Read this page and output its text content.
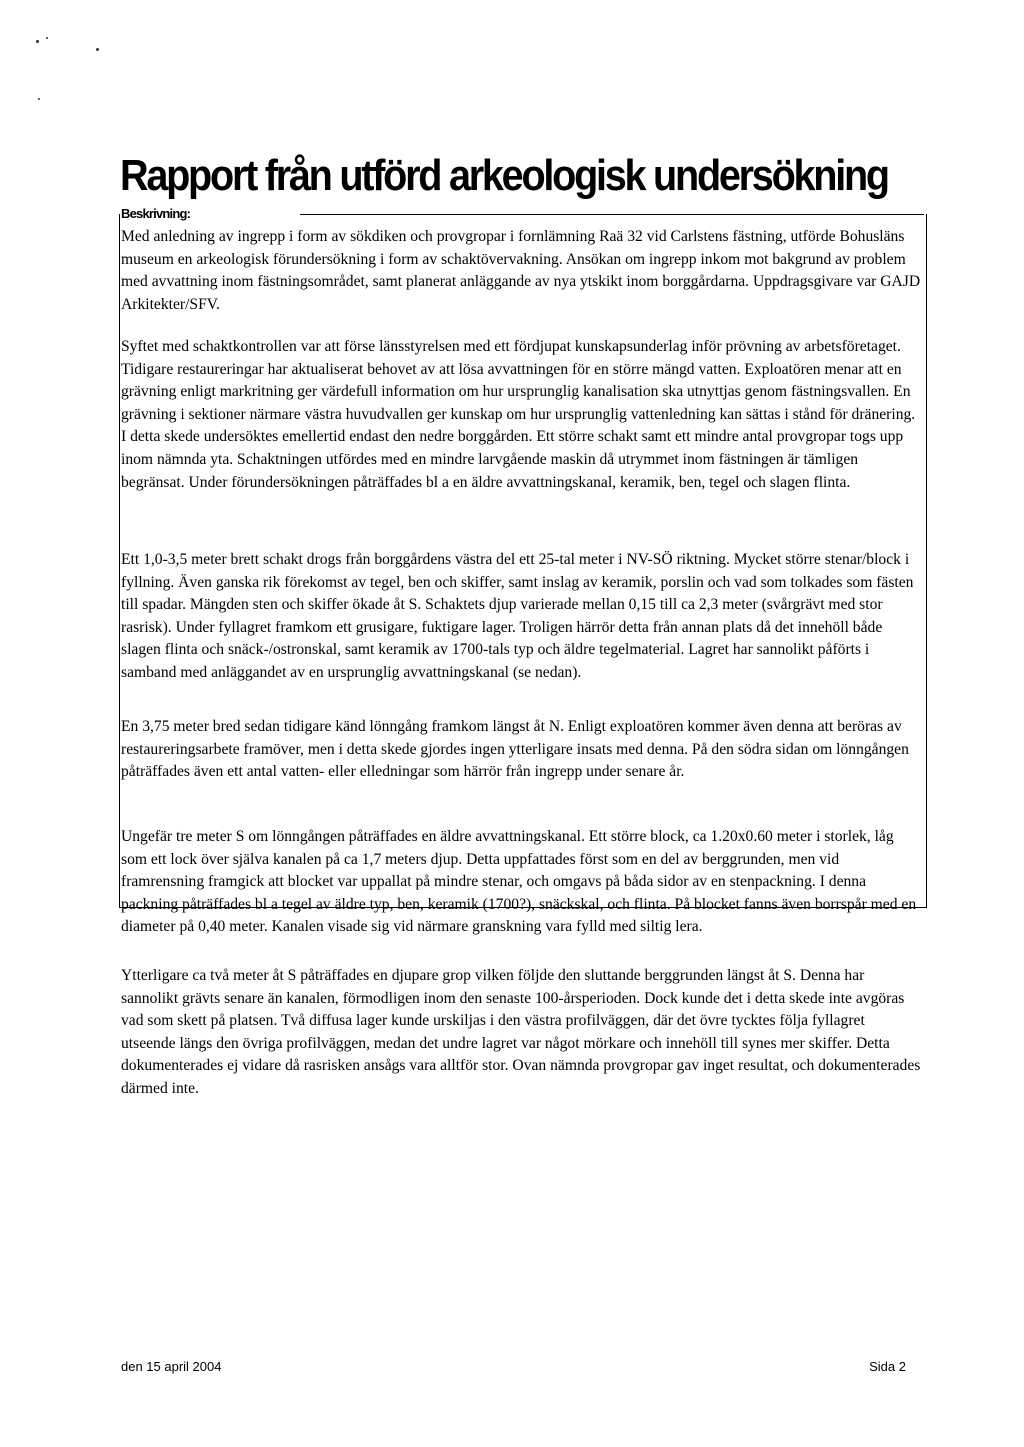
Rapport från utförd arkeologisk undersökning
Beskrivning:

Med anledning av ingrepp i form av sökdiken och provgropar i fornlämning Raä 32 vid Carlstens fästning, utförde Bohusläns museum en arkeologisk förundersökning i form av schaktövervakning. Ansökan om ingrepp inkom mot bakgrund av problem med avvattning inom fästningsområdet, samt planerat anläggande av nya ytskikt inom borggårdarna. Uppdragsgivare var GAJD Arkitekter/SFV.

Syftet med schaktkontrollen var att förse länsstyrelsen med ett fördjupat kunskapsunderlag inför prövning av arbetsföretaget. Tidigare restaureringar har aktualiserat behovet av att lösa avvattningen för en större mängd vatten. Exploatören menar att en grävning enligt markritning ger värdefull information om hur ursprunglig kanalisation ska utnyttjas genom fästningsvallen. En grävning i sektioner närmare västra huvudvallen ger kunskap om hur ursprunglig vattenledning kan sättas i stånd för dränering. I detta skede undersöktes emellertid endast den nedre borggården. Ett större schakt samt ett mindre antal provgropar togs upp inom nämnda yta. Schaktningen utfördes med en mindre larvgående maskin då utrymmet inom fästningen är tämligen begränsat. Under förundersökningen påträffades bl a en äldre avvattningskanal, keramik, ben, tegel och slagen flinta.

Ett 1,0-3,5 meter brett schakt drogs från borggårdens västra del ett 25-tal meter i NV-SÖ riktning. Mycket större stenar/block i fyllning. Även ganska rik förekomst av tegel, ben och skiffer, samt inslag av keramik, porslin och vad som tolkades som fästen till spadar. Mängden sten och skiffer ökade åt S. Schaktets djup varierade mellan 0,15 till ca 2,3 meter (svårgrävt med stor rasrisk). Under fyllagret framkom ett grusigare, fuktigare lager. Troligen härrör detta från annan plats då det innehöll både slagen flinta och snäck-/ostronskal, samt keramik av 1700-tals typ och äldre tegelmaterial. Lagret har sannolikt påförts i samband med anläggandet av en ursprunglig avvattningskanal (se nedan).

En 3,75 meter bred sedan tidigare känd lönngång framkom längst åt N. Enligt exploatören kommer även denna att beröras av restaureringsarbete framöver, men i detta skede gjordes ingen ytterligare insats med denna. På den södra sidan om lönngången påträffades även ett antal vatten- eller elledningar som härrör från ingrepp under senare år.

Ungefär tre meter S om lönngången påträffades en äldre avvattningskanal. Ett större block, ca 1.20x0.60 meter i storlek, låg som ett lock över själva kanalen på ca 1,7 meters djup. Detta uppfattades först som en del av berggrunden, men vid framrensning framgick att blocket var uppallat på mindre stenar, och omgavs på båda sidor av en stenpackning. I denna packning påträffades bl a tegel av äldre typ, ben, keramik (1700?), snäckskal, och flinta. På blocket fanns även borrspår med en diameter på 0,40 meter. Kanalen visade sig vid närmare granskning vara fylld med siltig lera.

Ytterligare ca två meter åt S påträffades en djupare grop vilken följde den sluttande berggrunden längst åt S. Denna har sannolikt grävts senare än kanalen, förmodligen inom den senaste 100-årsperioden. Dock kunde det i detta skede inte avgöras vad som skett på platsen. Två diffusa lager kunde urskiljas i den västra profilväggen, där det övre tycktes följa fyllagret utseende längs den övriga profilväggen, medan det undre lagret var något mörkare och innehöll till synes mer skiffer. Detta dokumenterades ej vidare då rasrisken ansågs vara alltför stor. Ovan nämnda provgropar gav inget resultat, och dokumenterades därmed inte.

den 15 april 2004	Sida 2
